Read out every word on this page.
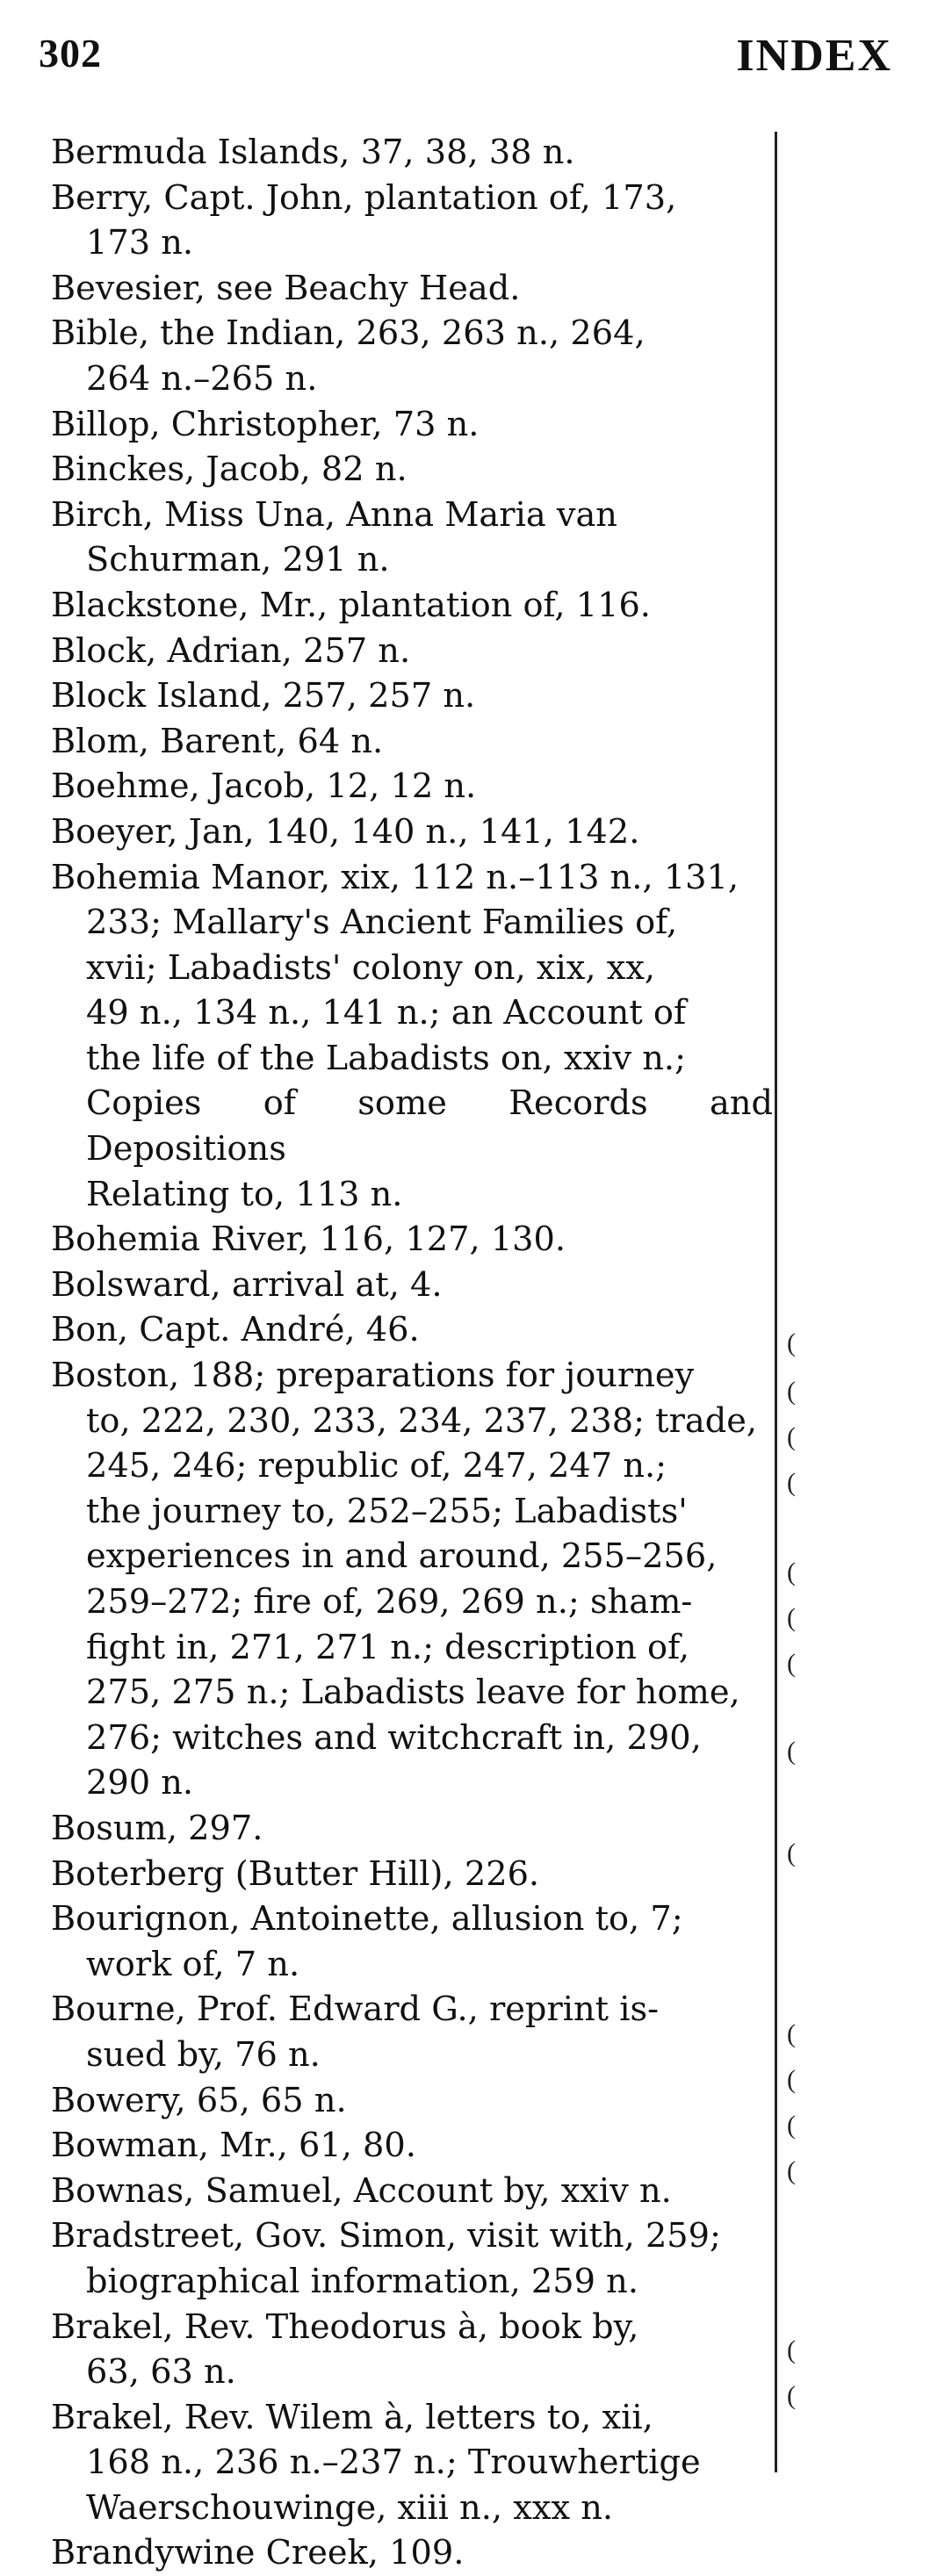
302	INDEX
(
(
(
(
(
(
(
(
(
(
(
(
(
(
(

Bermuda Islands, 37, 38, 38 n.

Berry, Capt. John, plantation of, 173,
173 n.

Bevesier, see Beachy Head.

Bible, the Indian, 263, 263 n., 264,
264 n.–265 n.

Billop, Christopher, 73 n.

Binckes, Jacob, 82 n.

Birch, Miss Una, Anna Maria van
Schurman, 291 n.

Blackstone, Mr., plantation of, 116.

Block, Adrian, 257 n.

Block Island, 257, 257 n.

Blom, Barent, 64 n.

Boehme, Jacob, 12, 12 n.

Boeyer, Jan, 140, 140 n., 141, 142.

Bohemia Manor, xix, 112 n.–113 n., 131,
233; Mallary's Ancient Families of,
xvii; Labadists' colony on, xix, xx,
49 n., 134 n., 141 n.; an Account of
the life of the Labadists on, xxiv n.;
Copies of some Records and Depositions
Relating to, 113 n.

Bohemia River, 116, 127, 130.

Bolsward, arrival at, 4.

Bon, Capt. André, 46.

Boston, 188; preparations for journey
to, 222, 230, 233, 234, 237, 238; trade,
245, 246; republic of, 247, 247 n.;
the journey to, 252–255; Labadists'
experiences in and around, 255–256,
259–272; fire of, 269, 269 n.; sham-
fight in, 271, 271 n.; description of,
275, 275 n.; Labadists leave for home,
276; witches and witchcraft in, 290,
290 n.

Bosum, 297.

Boterberg (Butter Hill), 226.

Bourignon, Antoinette, allusion to, 7;
work of, 7 n.

Bourne, Prof. Edward G., reprint is-
sued by, 76 n.

Bowery, 65, 65 n.

Bowman, Mr., 61, 80.

Bownas, Samuel, Account by, xxiv n.

Bradstreet, Gov. Simon, visit with, 259;
biographical information, 259 n.

Brakel, Rev. Theodorus à, book by,
63, 63 n.

Brakel, Rev. Wilem à, letters to, xii,
168 n., 236 n.–237 n.; Trouwhertige
Waerschouwinge, xiii n., xxx n.

Brandywine Creek, 109.
